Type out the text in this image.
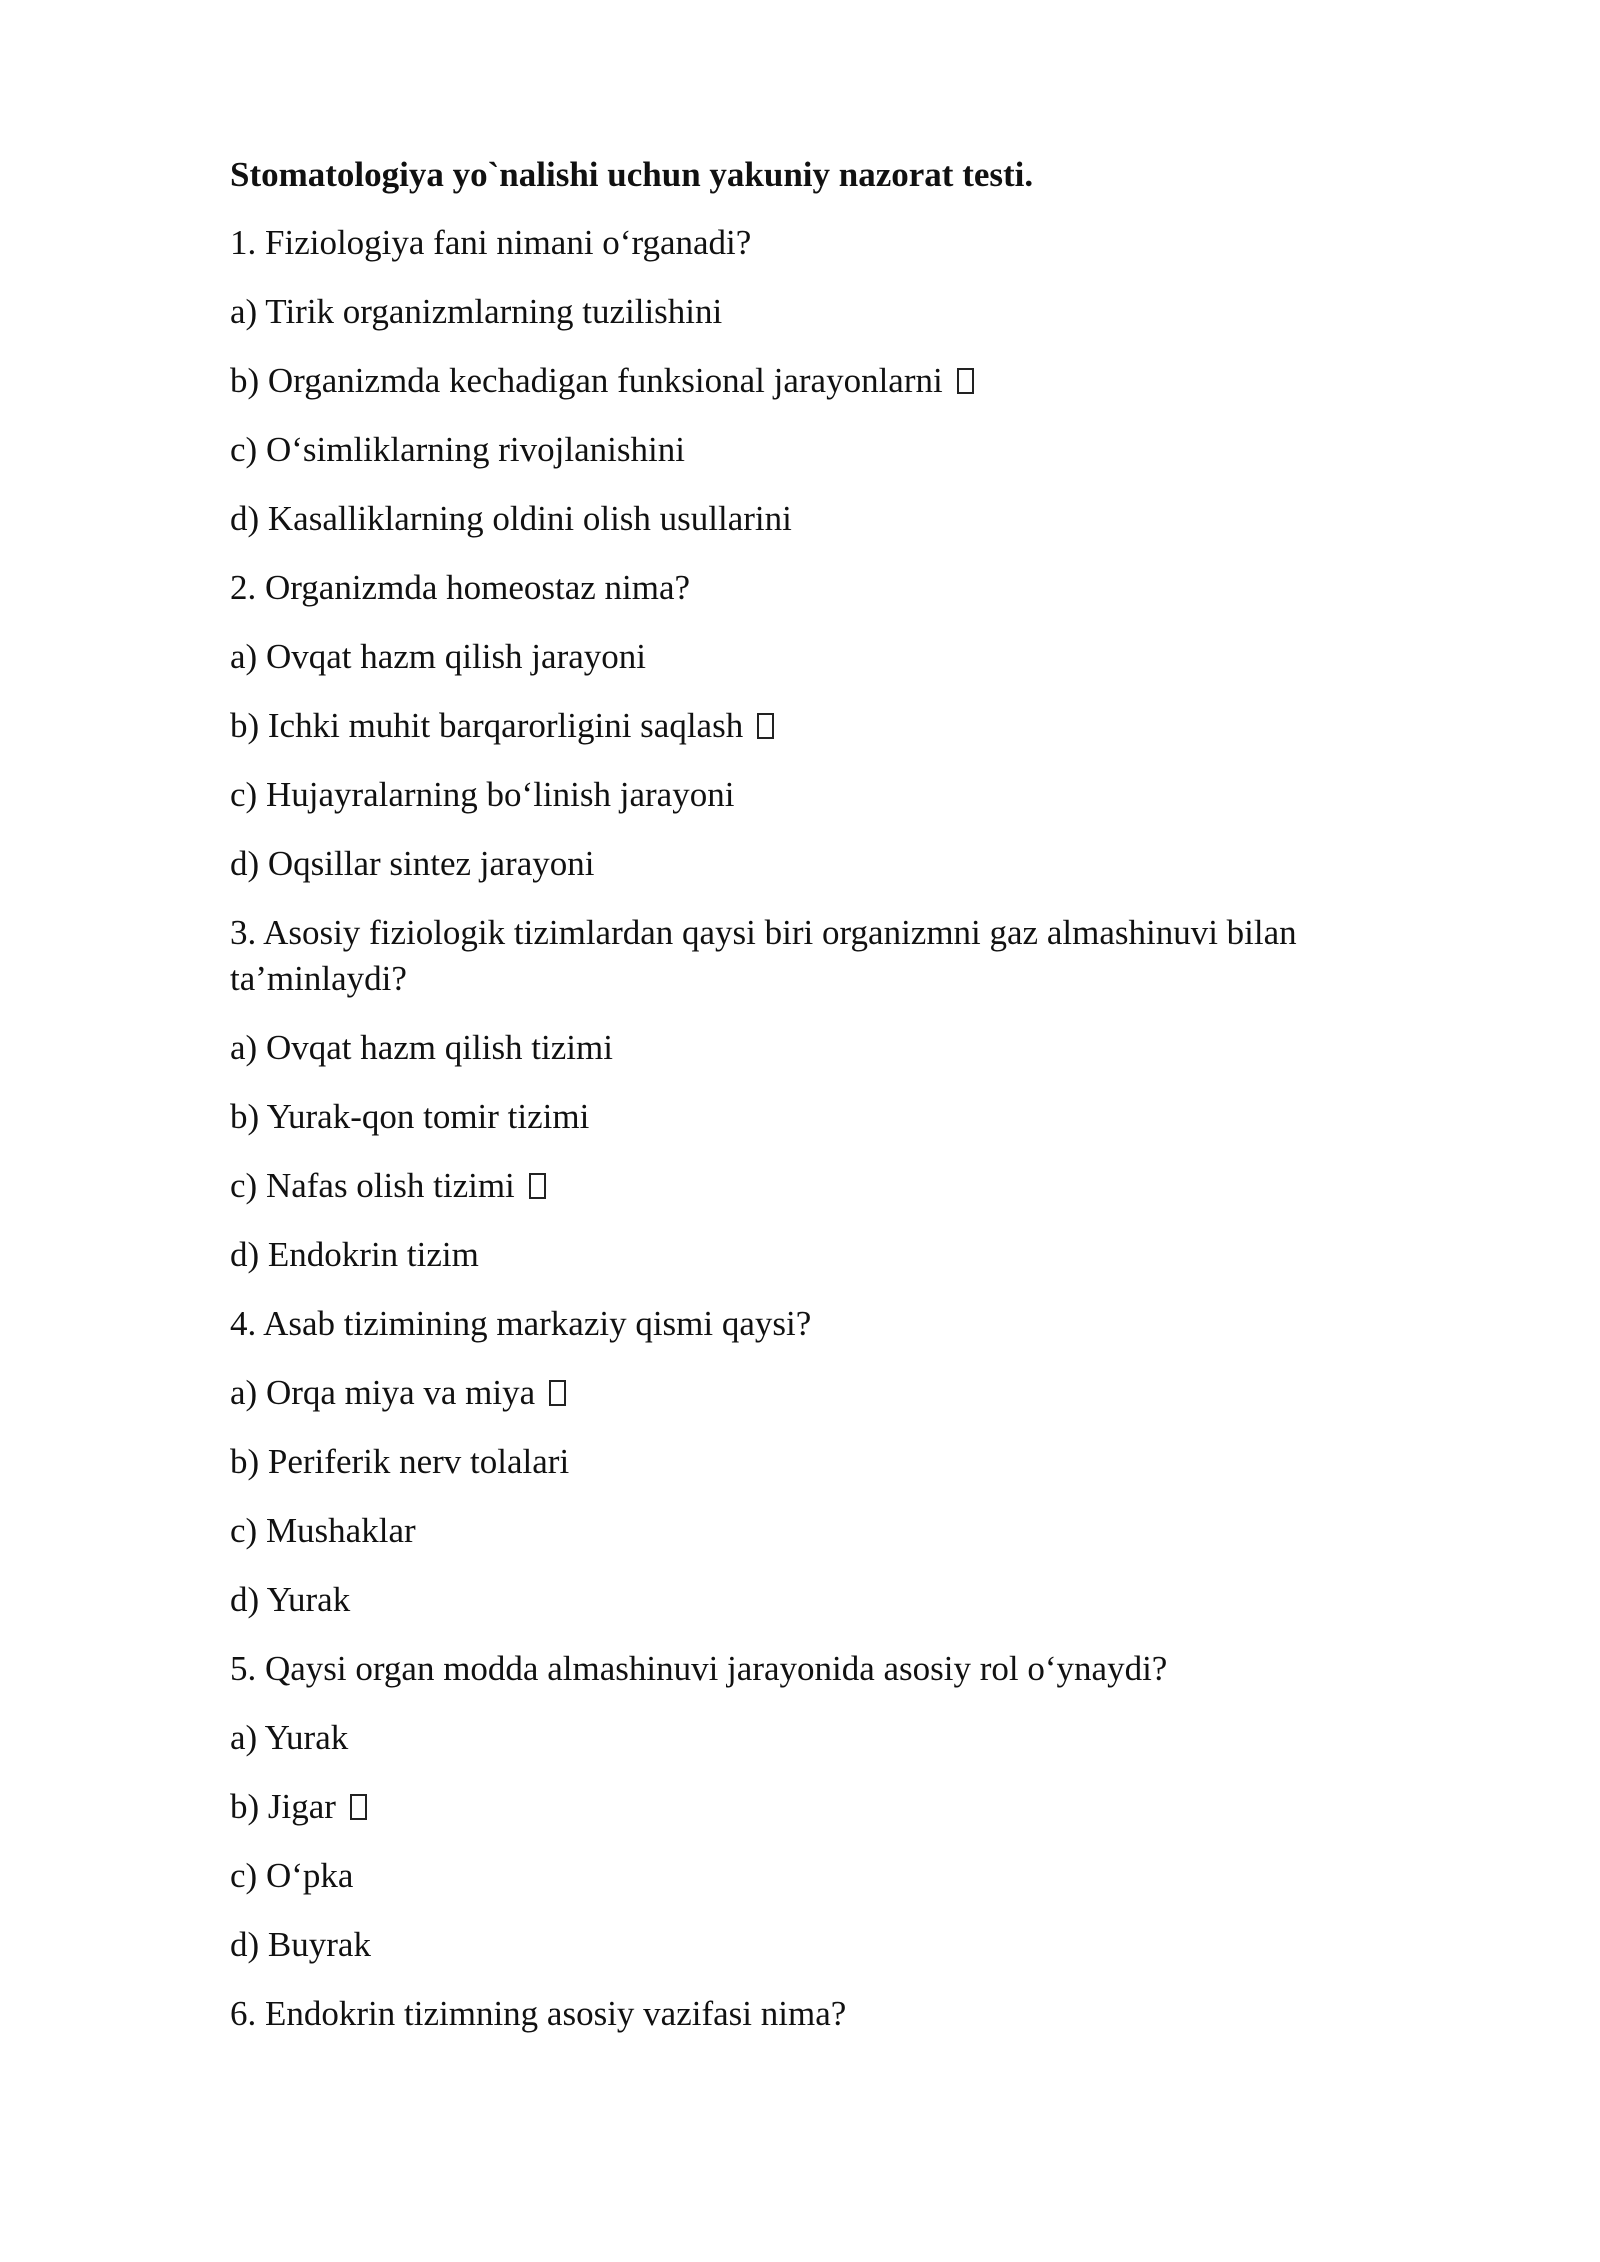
Stomatologiya yo`nalishi uchun yakuniy nazorat testi.
1. Fiziologiya fani nimani o‘rganadi?
a) Tirik organizmlarning tuzilishini
b) Organizmda kechadigan funksional jarayonlarni
c) O‘simliklarning rivojlanishini
d) Kasalliklarning oldini olish usullarini
2. Organizmda homeostaz nima?
a) Ovqat hazm qilish jarayoni
b) Ichki muhit barqarorligini saqlash
c) Hujayralarning bo‘linish jarayoni
d) Oqsillar sintez jarayoni
3. Asosiy fiziologik tizimlardan qaysi biri organizmni gaz almashinuvi bilan ta’minlaydi?
a) Ovqat hazm qilish tizimi
b) Yurak-qon tomir tizimi
c) Nafas olish tizimi
d) Endokrin tizim
4. Asab tizimining markaziy qismi qaysi?
a) Orqa miya va miya
b) Periferik nerv tolalari
c) Mushaklar
d) Yurak
5. Qaysi organ modda almashinuvi jarayonida asosiy rol o‘ynaydi?
a) Yurak
b) Jigar
c) O‘pka
d) Buyrak
6. Endokrin tizimning asosiy vazifasi nima?
